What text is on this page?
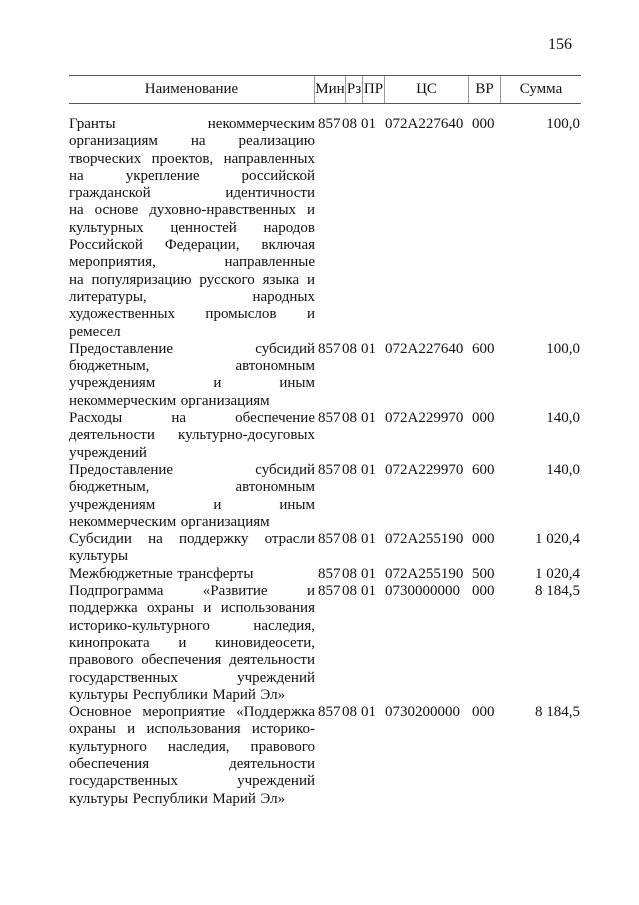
156
Наименование	Мин Рз ПР	ЦС	ВР	Сумма
Гранты	некоммерческим
организациям на реализацию
творческих проектов, направленных
на	укрепление	российской
гражданской	идентичности
на основе духовно-нравственных и
культурных ценностей народов
Российской Федерации, включая
мероприятия,	направленные
на популяризацию русского языка и
литературы,	народных
художественных промыслов и
ремесел
857 08 01 072А227640 000	100,0
Предоставление	субсидий
бюджетным,	автономным
учреждениям	и	иным
некоммерческим организациям
857 08 01 072А227640 600	100,0
Расходы	на	обеспечение
деятельности культурно-досуговых
учреждений
857 08 01 072А229970 000	140,0
Предоставление	субсидий
бюджетным,	автономным
учреждениям	и	иным
некоммерческим организациям
857 08 01 072А229970 600	140,0
Субсидии на поддержку отрасли
культуры
857 08 01 072А255190 000	1 020,4
Межбюджетные трансферты	857 08 01 072А255190 500	1 020,4
Подпрограмма	«Развитие	и
поддержка охраны и использования
историко-культурного	наследия,
кинопроката и киновидеосети,
правового обеспечения деятельности
государственных	учреждений
культуры Республики Марий Эл»
857 08 01 0730000000 000	8 184,5
Основное мероприятие «Поддержка
охраны и использования историко-
культурного наследия, правового
обеспечения	деятельности
государственных	учреждений
культуры Республики Марий Эл»
857 08 01 0730200000 000	8 184,5
